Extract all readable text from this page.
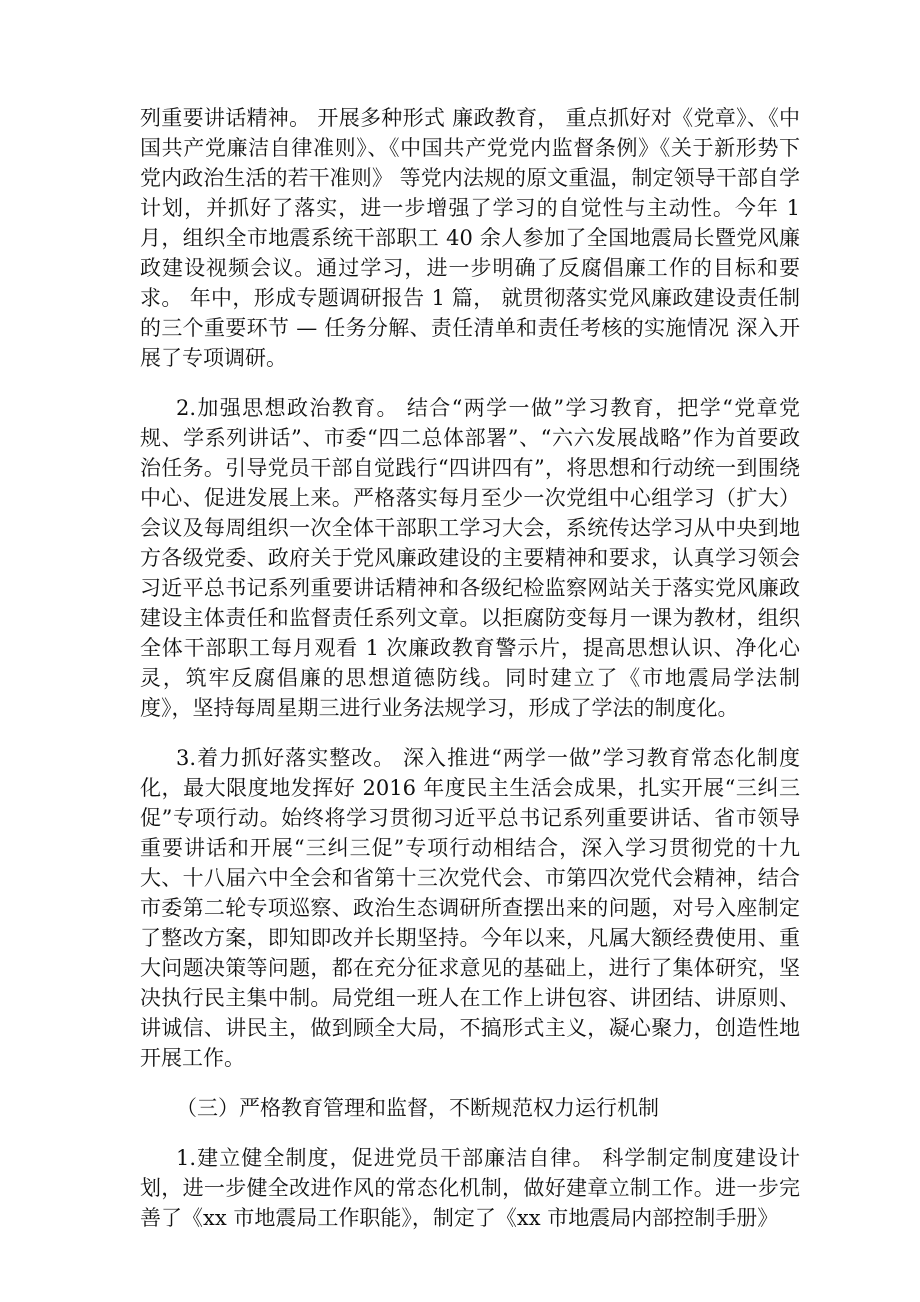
列重要讲话精神。 开展多种形式 廉政教育， 重点抓好对《党章》、《中国共产党廉洁自律准则》、《中国共产党党内监督条例》《关于新形势下党内政治生活的若干准则》 等党内法规的原文重温，制定领导干部自学计划，并抓好了落实，进一步增强了学习的自觉性与主动性。今年 1 月，组织全市地震系统干部职工 40 余人参加了全国地震局长暨党风廉政建设视频会议。通过学习，进一步明确了反腐倡廉工作的目标和要求。 年中，形成专题调研报告 1 篇， 就贯彻落实党风廉政建设责任制的三个重要环节 — 任务分解、责任清单和责任考核的实施情况 深入开展了专项调研。

2.加强思想政治教育。 结合“两学一做”学习教育，把学“党章党规、学系列讲话”、市委“四二总体部署”、“六六发展战略”作为首要政治任务。引导党员干部自觉践行“四讲四有”，将思想和行动统一到围绕中心、促进发展上来。严格落实每月至少一次党组中心组学习（扩大）会议及每周组织一次全体干部职工学习大会，系统传达学习从中央到地方各级党委、政府关于党风廉政建设的主要精神和要求，认真学习领会习近平总书记系列重要讲话精神和各级纪检监察网站关于落实党风廉政建设主体责任和监督责任系列文章。以拒腐防变每月一课为教材，组织全体干部职工每月观看 1 次廉政教育警示片，提高思想认识、净化心灵，筑牢反腐倡廉的思想道德防线。同时建立了《市地震局学法制度》，坚持每周星期三进行业务法规学习，形成了学法的制度化。

3.着力抓好落实整改。 深入推进“两学一做”学习教育常态化制度化，最大限度地发挥好 2016 年度民主生活会成果，扎实开展“三纠三促”专项行动。始终将学习贯彻习近平总书记系列重要讲话、省市领导重要讲话和开展“三纠三促”专项行动相结合，深入学习贯彻党的十九大、十八届六中全会和省第十三次党代会、市第四次党代会精神，结合市委第二轮专项巡察、政治生态调研所查摆出来的问题，对号入座制定了整改方案，即知即改并长期坚持。今年以来，凡属大额经费使用、重大问题决策等问题，都在充分征求意见的基础上，进行了集体研究，坚决执行民主集中制。局党组一班人在工作上讲包容、讲团结、讲原则、讲诚信、讲民主，做到顾全大局，不搞形式主义，凝心聚力，创造性地开展工作。

（三）严格教育管理和监督，不断规范权力运行机制

1.建立健全制度，促进党员干部廉洁自律。 科学制定制度建设计划，进一步健全改进作风的常态化机制，做好建章立制工作。进一步完善了《xx 市地震局工作职能》，制定了《xx 市地震局内部控制手册》
